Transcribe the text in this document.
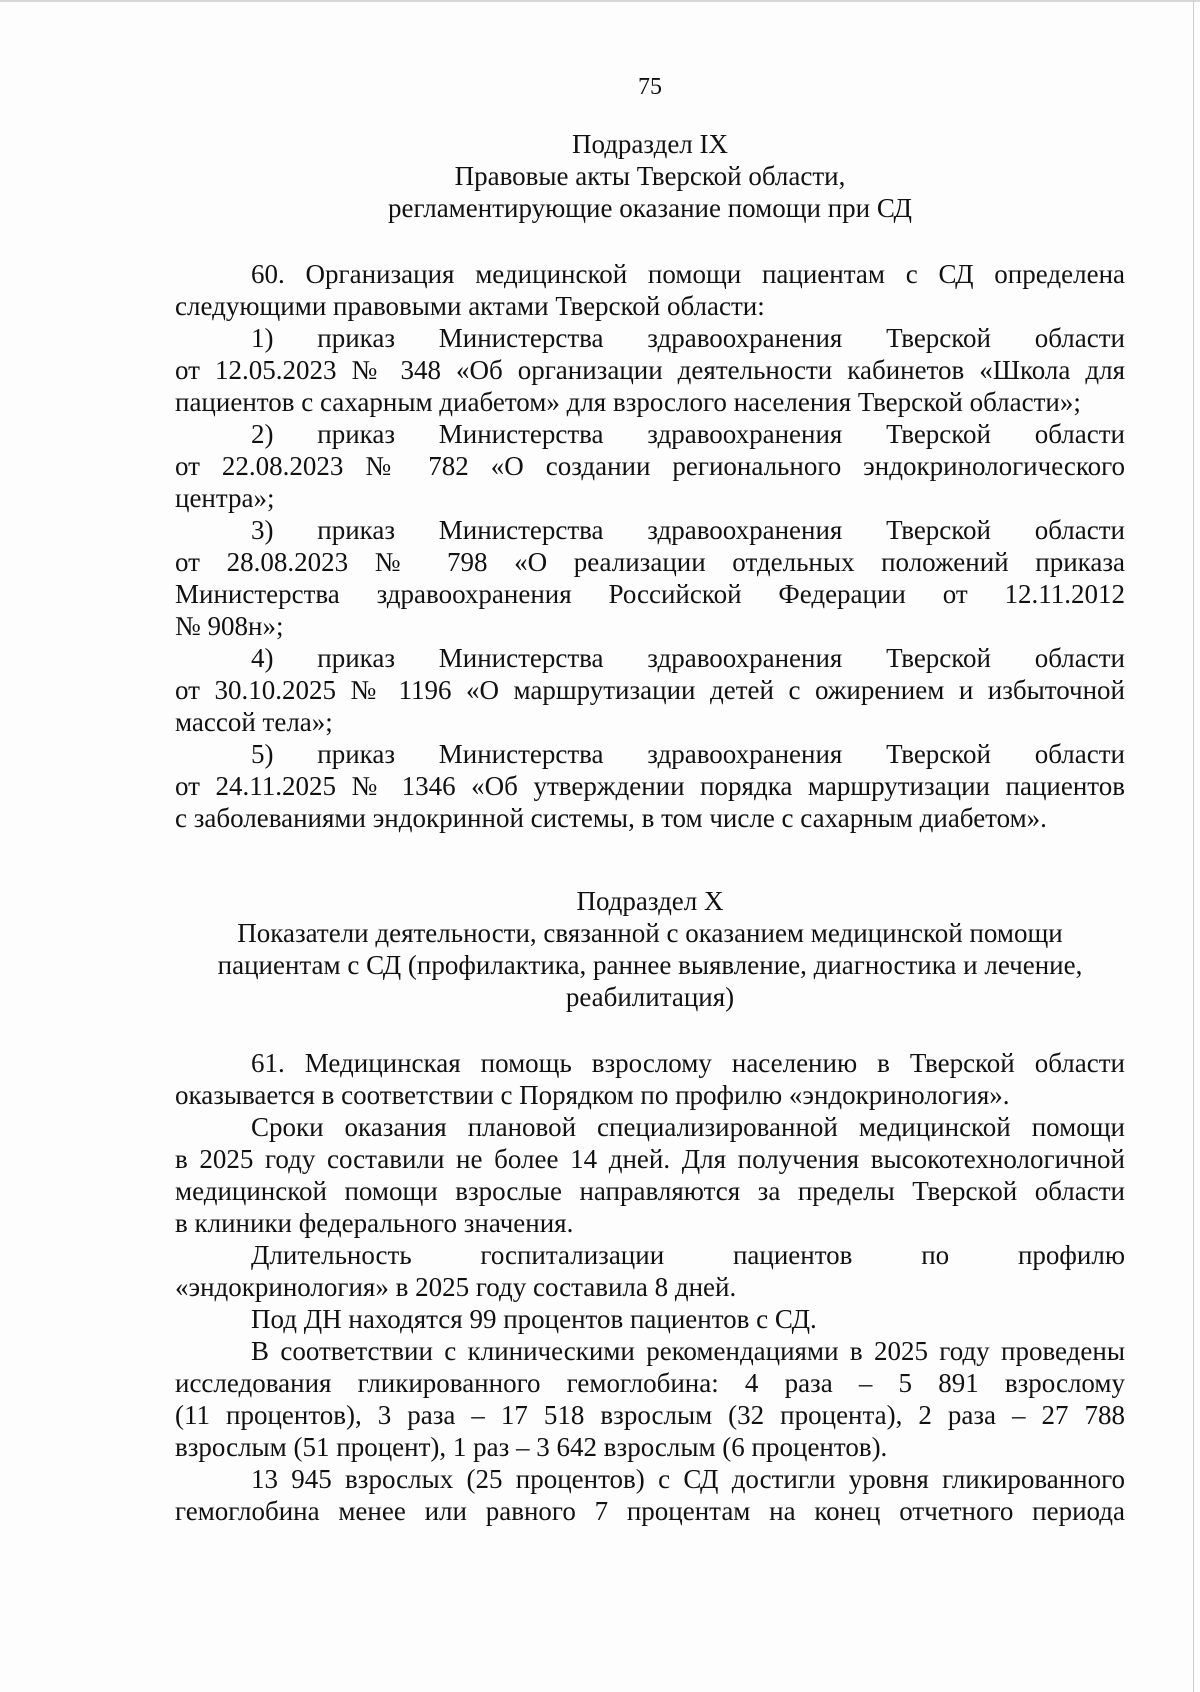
75
Подраздел IX
Правовые акты Тверской области,
регламентирующие оказание помощи при СД
60. Организация медицинской помощи пациентам с СД определена
следующими правовыми актами Тверской области:
1) приказ Министерства здравоохранения Тверской области
от 12.05.2023 № 348 «Об организации деятельности кабинетов «Школа для
пациентов с сахарным диабетом» для взрослого населения Тверской области»;
2) приказ Министерства здравоохранения Тверской области
от 22.08.2023 № 782 «О создании регионального эндокринологического
центра»;
3) приказ Министерства здравоохранения Тверской области
от 28.08.2023 № 798 «О реализации отдельных положений приказа
Министерства здравоохранения Российской Федерации от 12.11.2012
№ 908н»;
4) приказ Министерства здравоохранения Тверской области
от 30.10.2025 № 1196 «О маршрутизации детей с ожирением и избыточной
массой тела»;
5) приказ Министерства здравоохранения Тверской области
от 24.11.2025 № 1346 «Об утверждении порядка маршрутизации пациентов
с заболеваниями эндокринной системы, в том числе с сахарным диабетом».
Подраздел X
Показатели деятельности, связанной с оказанием медицинской помощи
пациентам с СД (профилактика, раннее выявление, диагностика и лечение,
реабилитация)
61. Медицинская помощь взрослому населению в Тверской области
оказывается в соответствии с Порядком по профилю «эндокринология».
Сроки оказания плановой специализированной медицинской помощи
в 2025 году составили не более 14 дней. Для получения высокотехнологичной
медицинской помощи взрослые направляются за пределы Тверской области
в клиники федерального значения.
Длительность госпитализации пациентов по профилю
«эндокринология» в 2025 году составила 8 дней.
Под ДН находятся 99 процентов пациентов с СД.
В соответствии с клиническими рекомендациями в 2025 году проведены
исследования гликированного гемоглобина: 4 раза – 5 891 взрослому
(11 процентов), 3 раза – 17 518 взрослым (32 процента), 2 раза – 27 788
взрослым (51 процент), 1 раз – 3 642 взрослым (6 процентов).
13 945 взрослых (25 процентов) с СД достигли уровня гликированного
гемоглобина менее или равного 7 процентам на конец отчетного периода
